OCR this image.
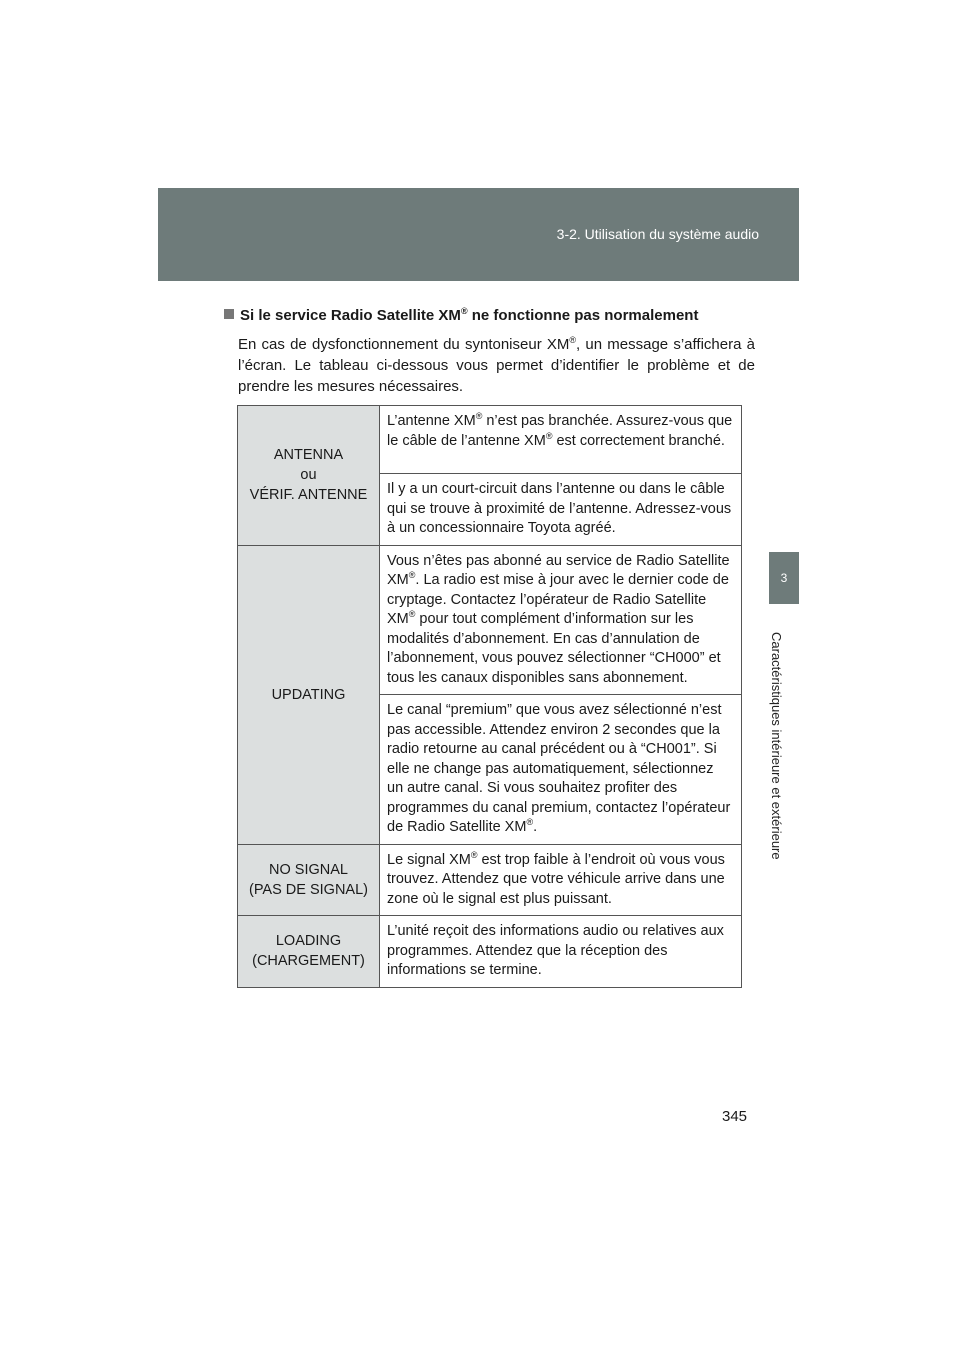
3-2. Utilisation du système audio
3
Caractéristiques intérieure et extérieure
Si le service Radio Satellite XM® ne fonctionne pas normalement
En cas de dysfonctionnement du syntoniseur XM®, un message s’affichera à l’écran. Le tableau ci-dessous vous permet d’identifier le problème et de prendre les mesures nécessaires.
ANTENNA
ou
VÉRIF. ANTENNE	L’antenne XM® n’est pas branchée. Assurez-vous que le câble de l’antenne XM® est correctement branché.
	Il y a un court-circuit dans l’antenne ou dans le câble qui se trouve à proximité de l’antenne. Adressez-vous à un concessionnaire Toyota agréé.
UPDATING	Vous n’êtes pas abonné au service de Radio Satellite XM®. La radio est mise à jour avec le dernier code de cryptage. Contactez l’opérateur de Radio Satellite XM® pour tout complément d’information sur les modalités d’abonnement. En cas d’annulation de l’abonnement, vous pouvez sélectionner “CH000” et tous les canaux disponibles sans abonnement.
	Le canal “premium” que vous avez sélectionné n’est pas accessible. Attendez environ 2 secondes que la radio retourne au canal précédent ou à “CH001”. Si elle ne change pas automatiquement, sélectionnez un autre canal. Si vous souhaitez profiter des programmes du canal premium, contactez l’opérateur de Radio Satellite XM®.

NO SIGNAL
(PAS DE SIGNAL)	Le signal XM® est trop faible à l’endroit où vous vous trouvez. Attendez que votre véhicule arrive dans une zone où le signal est plus puissant.

LOADING
(CHARGEMENT)	L’unité reçoit des informations audio ou relatives aux programmes. Attendez que la réception des informations se termine.
345
